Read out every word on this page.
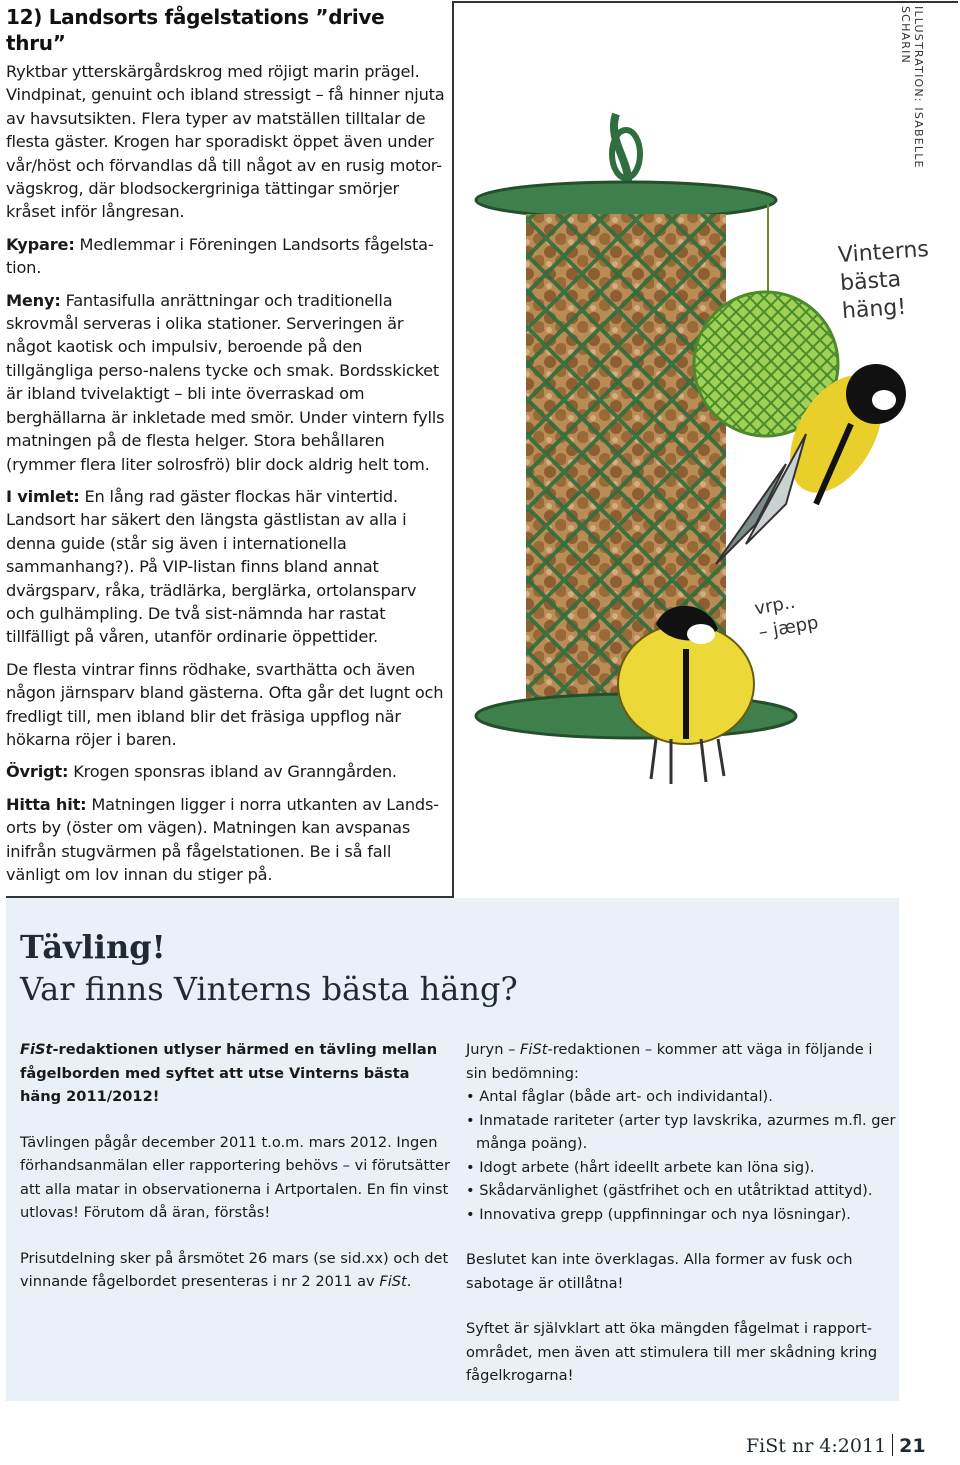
12) Landsorts fågelstations ”drive thru”

Ryktbar ytterskärgårdskrog med röjigt marin prägel. Vindpinat, genuint och ibland stressigt – få hinner njuta av havsutsikten. Flera typer av matställen tilltalar de flesta gäster. Krogen har sporadiskt öppet även under vår/höst och förvandlas då till något av en rusig motor-vägskrog, där blodsockergriniga tättingar smörjer kråset inför långresan.

Kypare: Medlemmar i Föreningen Landsorts fågelsta-tion.

Meny: Fantasifulla anrättningar och traditionella skrovmål serveras i olika stationer. Serveringen är något kaotisk och impulsiv, beroende på den tillgängliga perso-nalens tycke och smak. Bordsskicket är ibland tvivelaktigt – bli inte överraskad om berghällarna är inkletade med smör. Under vintern fylls matningen på de flesta helger. Stora behållaren (rymmer flera liter solrosfrö) blir dock aldrig helt tom.

I vimlet: En lång rad gäster flockas här vintertid. Landsort har säkert den längsta gästlistan av alla i denna guide (står sig även i internationella sammanhang?). På VIP-listan finns bland annat dvärgsparv, råka, trädlärka, berglärka, ortolansparv och gulhämpling. De två sist-nämnda har rastat tillfälligt på våren, utanför ordinarie öppettider.

De flesta vintrar finns rödhake, svarthätta och även någon järnsparv bland gästerna. Ofta går det lugnt och fredligt till, men ibland blir det fräsiga uppflog när hökarna röjer i baren.

Övrigt: Krogen sponsras ibland av Granngården.

Hitta hit: Matningen ligger i norra utkanten av Lands-orts by (öster om vägen). Matningen kan avspanas inifrån stugvärmen på fågelstationen. Be i så fall vänligt om lov innan du stiger på.

Vinterns
bästa häng!
vrp..
– jæpp
ILLUSTRATION: ISABELLE SCHARIN
Tävling!
Var finns Vinterns bästa häng?

FiSt-redaktionen utlyser härmed en tävling mellan fågelborden med syftet att utse Vinterns bästa häng 2011/2012!

Tävlingen pågår december 2011 t.o.m. mars 2012. Ingen förhandsanmälan eller rapportering behövs – vi förutsätter att alla matar in observationerna i Artportalen. En fin vinst utlovas! Förutom då äran, förstås!

Prisutdelning sker på årsmötet 26 mars (se sid.xx) och det vinnande fågelbordet presenteras i nr 2 2011 av FiSt.

Juryn – FiSt-redaktionen – kommer att väga in följande i sin bedömning:
• Antal fåglar (både art- och individantal).
• Inmatade rariteter (arter typ lavskrika, azurmes m.fl. ger många poäng).
• Idogt arbete (hårt ideellt arbete kan löna sig).
• Skådarvänlighet (gästfrihet och en utåtriktad attityd).
• Innovativa grepp (uppfinningar och nya lösningar).

Beslutet kan inte överklagas. Alla former av fusk och sabotage är otillåtna!

Syftet är självklart att öka mängden fågelmat i rapport-området, men även att stimulera till mer skådning kring fågelkrogarna!

FiSt nr 4:2011 21
